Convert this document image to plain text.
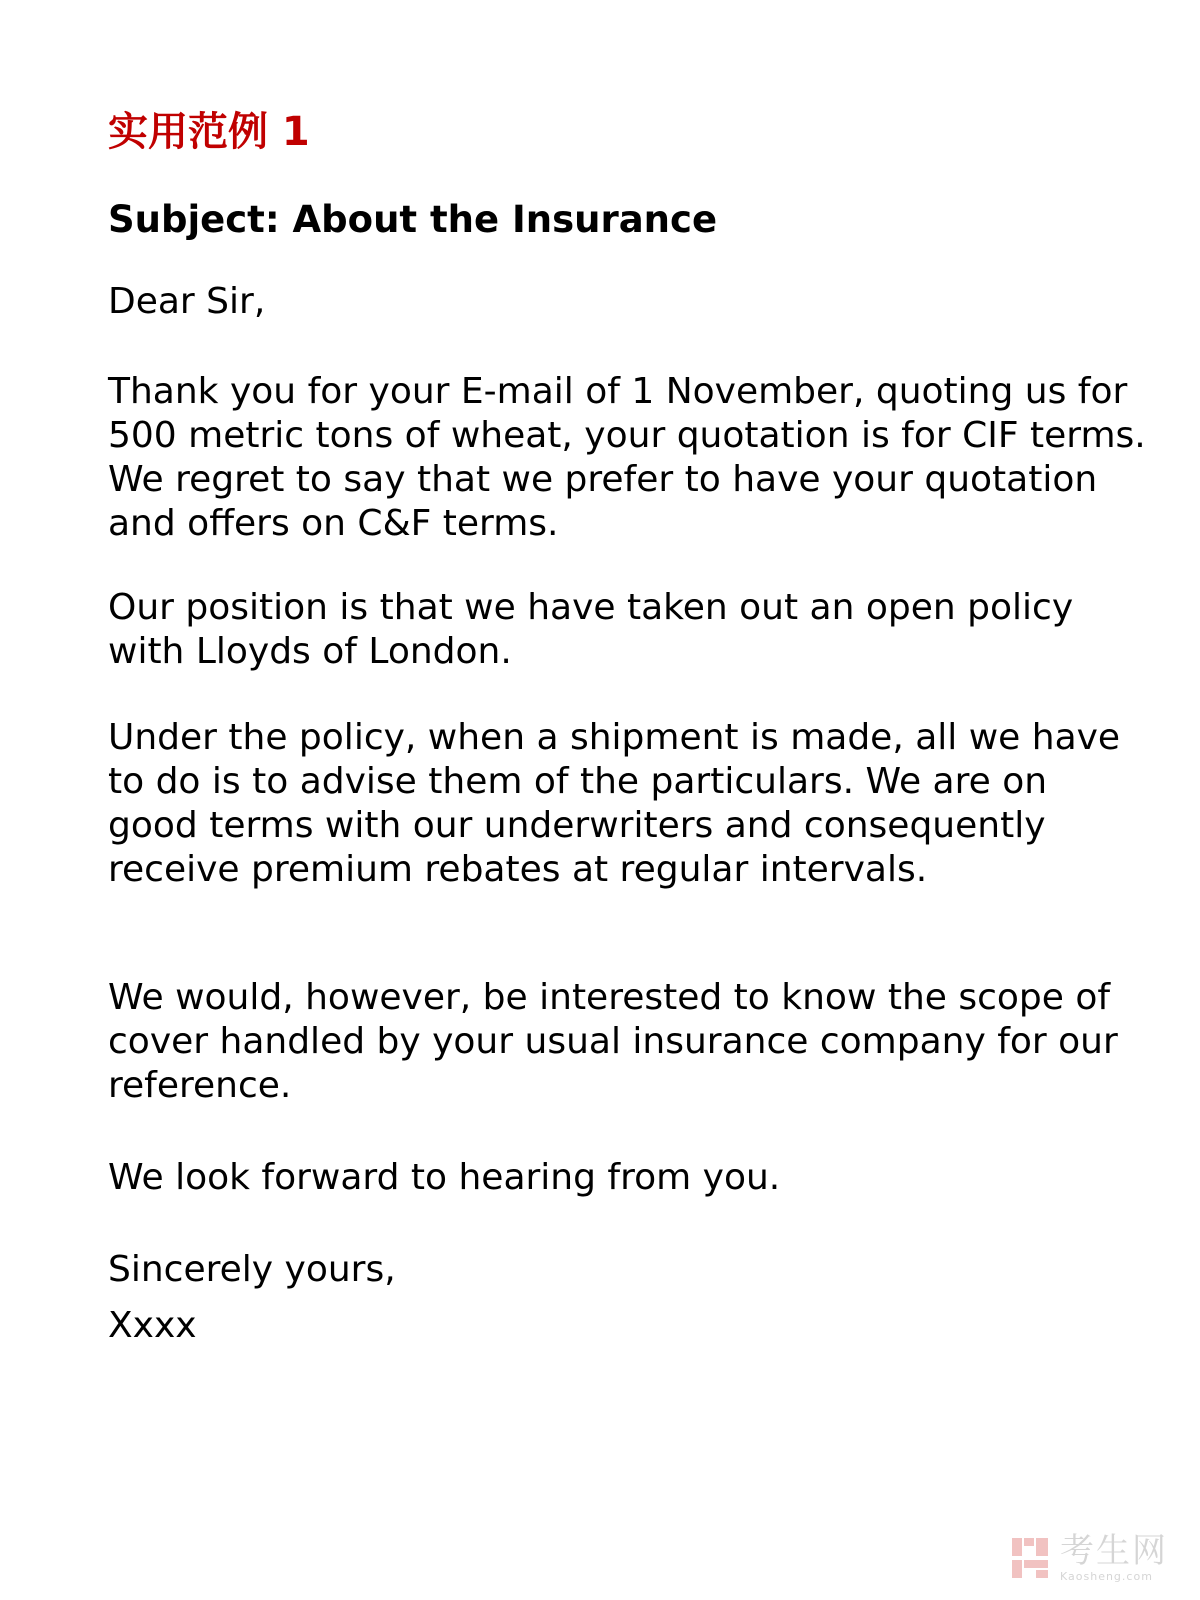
实用范例 1
Subject: About the Insurance

Dear Sir,

Thank you for your E-mail of 1 November, quoting us for 500 metric tons of wheat, your quotation is for CIF terms. We regret to say that we prefer to have your quotation and offers on C&F terms.

Our position is that we have taken out an open policy with Lloyds of London.

Under the policy, when a shipment is made, all we have to do is to advise them of the particulars. We are on good terms with our underwriters and consequently receive premium rebates at regular intervals.

We would, however, be interested to know the scope of cover handled by your usual insurance company for our reference.

We look forward to hearing from you.

Sincerely yours,

Xxxx

考生网
Kaosheng.com
